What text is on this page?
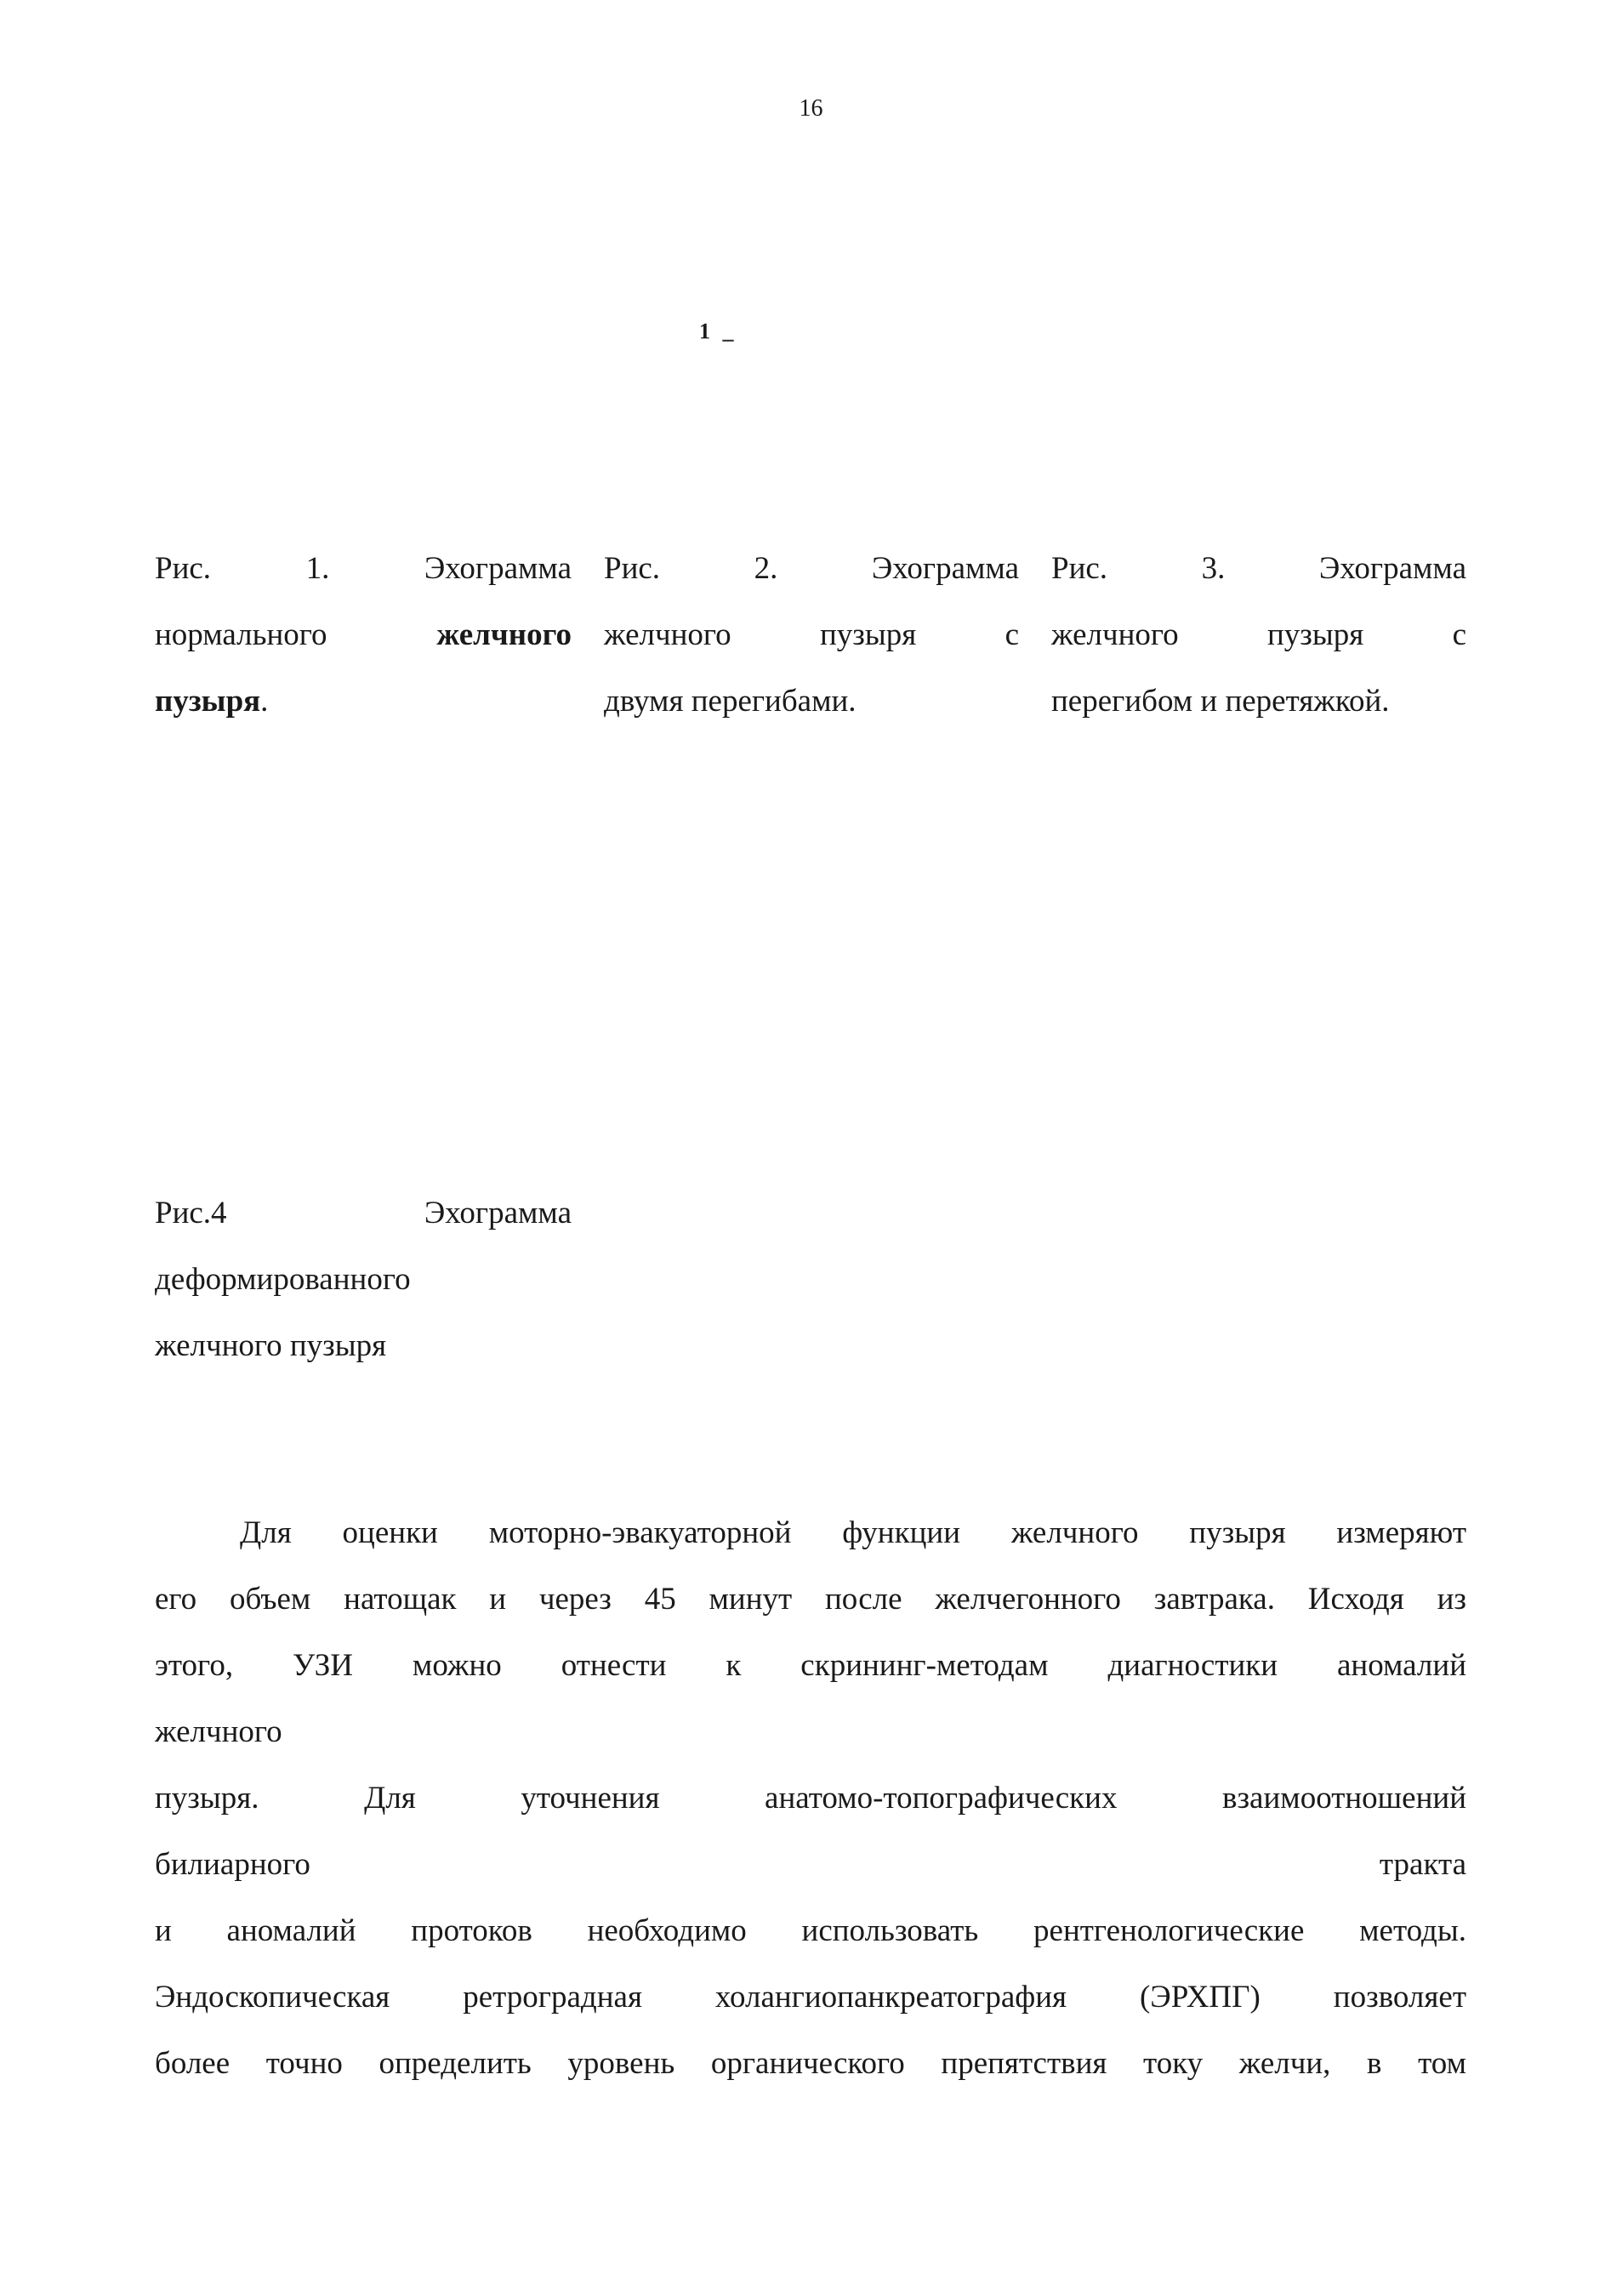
16
1 _
Рис.	1.	Эхограмма
нормального	желчного
пузыря.
Рис.	2.	Эхограмма
желчного	пузыря	с
двумя перегибами.
Рис.	3.	Эхограмма
желчного	пузыря	с
перегибом и перетяжкой.
Рис.4	Эхограмма
деформированного
желчного пузыря
Для оценки моторно-эвакуаторной функции желчного пузыря измеряют
его объем натощак и через 45 минут после желчегонного завтрака. Исходя из
этого, УЗИ можно отнести к скрининг-методам диагностики аномалий
желчного
пузыря. Для уточнения анатомо-топографических взаимоотношений
билиарного тракта
и аномалий протоков необходимо использовать рентгенологические методы.
Эндоскопическая ретроградная холангиопанкреатография (ЭРХПГ) позволяет
более точно определить уровень органического препятствия току желчи, в том
